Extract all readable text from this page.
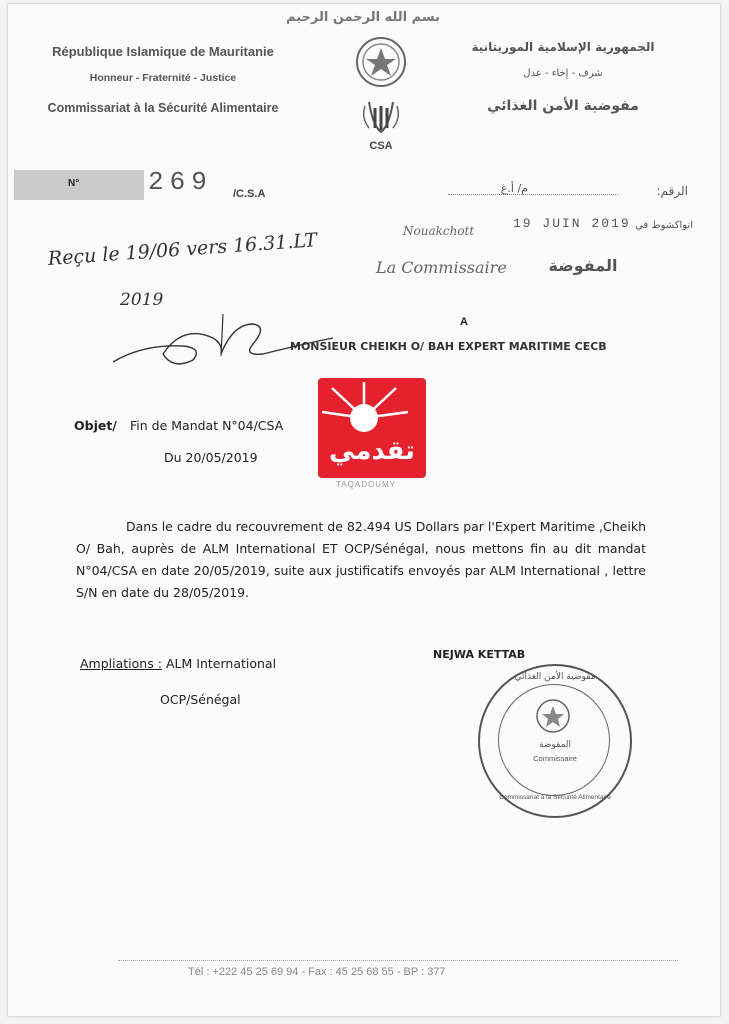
بسم الله الرحمن الرحيم
République Islamique de Mauritanie
Honneur - Fraternité - Justice
Commissariat à la Sécurité Alimentaire
الجمهورية الإسلامية الموريتانية
شرف - إخاء - عدل
مفوضية الأمن الغذائي
CSA
N°	269 /C.S.A	الرقم:
م/ أ.غ
Nouakchott	19 JUIN 2019 انواكشوط في
La Commissaire	المفوضة
Reçu le 19/06 vers 16.31.LT
2019
A
MONSIEUR CHEIKH O/ BAH EXPERT MARITIME CECB
تقدمي
TAQADOUMY
Objet/ Fin de Mandat N°04/CSA
Du 20/05/2019
Dans le cadre du recouvrement de 82.494 US Dollars par l'Expert Maritime ,Cheikh O/ Bah, auprès de ALM International ET OCP/Sénégal, nous mettons fin au dit mandat N°04/CSA en date 20/05/2019, suite aux justificatifs envoyés par ALM International , lettre S/N en date du 28/05/2019.
Ampliations : ALM International
OCP/Sénégal
NEJWA KETTAB
مفوضية الأمن الغذائي
المفوضة
Commissaire
Commissariat à la Sécurité Alimentaire
Tél : +222 45 25 69 94 - Fax : 45 25 68 55 - BP : 377
